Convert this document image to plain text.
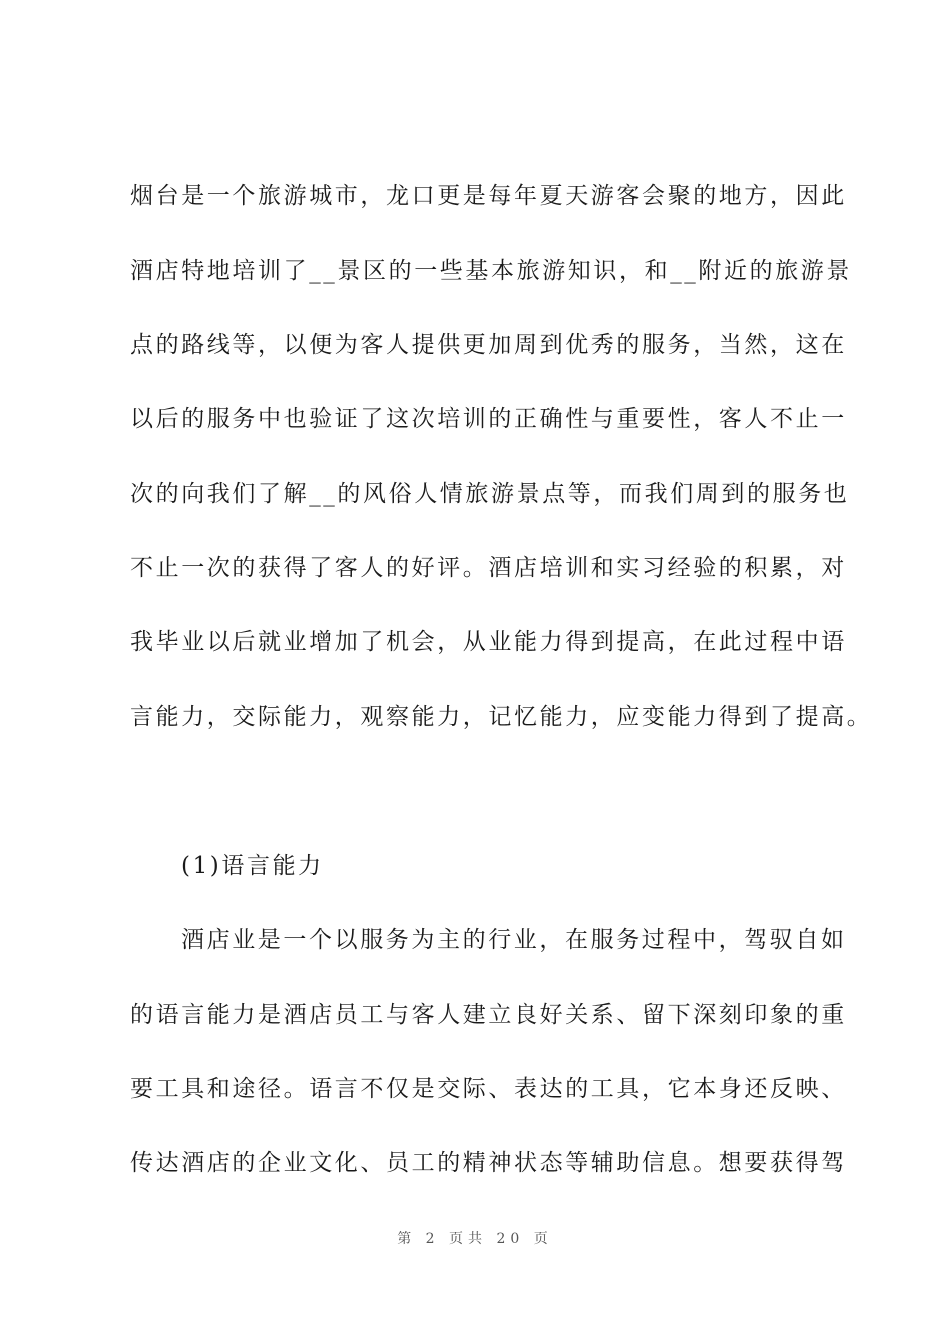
烟台是一个旅游城市，龙口更是每年夏天游客会聚的地方，因此
酒店特地培训了__景区的一些基本旅游知识，和__附近的旅游景
点的路线等，以便为客人提供更加周到优秀的服务，当然，这在
以后的服务中也验证了这次培训的正确性与重要性，客人不止一
次的向我们了解__的风俗人情旅游景点等，而我们周到的服务也
不止一次的获得了客人的好评。酒店培训和实习经验的积累，对
我毕业以后就业增加了机会，从业能力得到提高，在此过程中语
言能力，交际能力，观察能力，记忆能力，应变能力得到了提高。
(1)语言能力
酒店业是一个以服务为主的行业，在服务过程中，驾驭自如
的语言能力是酒店员工与客人建立良好关系、留下深刻印象的重
要工具和途径。语言不仅是交际、表达的工具，它本身还反映、
传达酒店的企业文化、员工的精神状态等辅助信息。想要获得驾
第 2 页共 20 页
